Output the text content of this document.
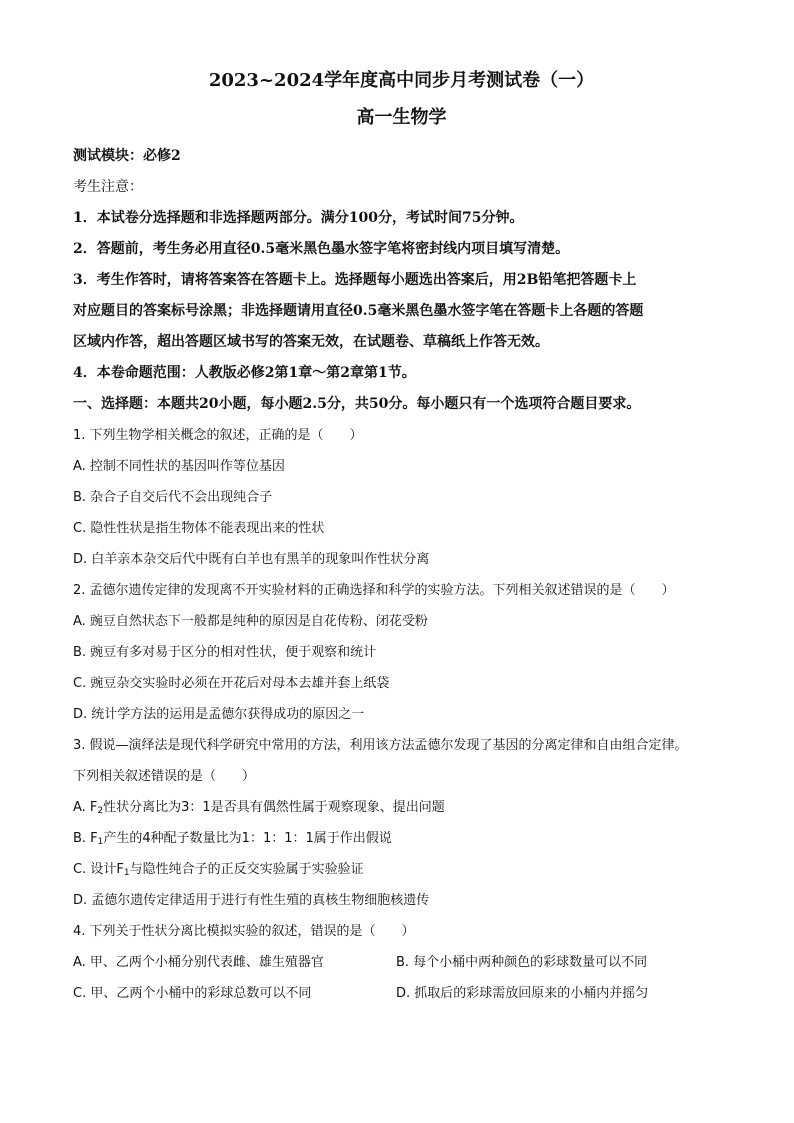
2023~2024学年度高中同步月考测试卷（一）
高一生物学
测试模块：必修2
考生注意：
1．本试卷分选择题和非选择题两部分。满分100分，考试时间75分钟。
2．答题前，考生务必用直径0.5毫米黑色墨水签字笔将密封线内项目填写清楚。
3．考生作答时，请将答案答在答题卡上。选择题每小题选出答案后，用2B铅笔把答题卡上
对应题目的答案标号涂黑；非选择题请用直径0.5毫米黑色墨水签字笔在答题卡上各题的答题
区域内作答，超出答题区域书写的答案无效，在试题卷、草稿纸上作答无效。
4．本卷命题范围：人教版必修2第1章～第2章第1节。
一、选择题：本题共20小题，每小题2.5分，共50分。每小题只有一个选项符合题目要求。
1. 下列生物学相关概念的叙述，正确的是（　　）
A. 控制不同性状的基因叫作等位基因
B. 杂合子自交后代不会出现纯合子
C. 隐性性状是指生物体不能表现出来的性状
D. 白羊亲本杂交后代中既有白羊也有黑羊的现象叫作性状分离
2. 孟德尔遗传定律的发现离不开实验材料的正确选择和科学的实验方法。下列相关叙述错误的是（　　）
A. 豌豆自然状态下一般都是纯种的原因是自花传粉、闭花受粉
B. 豌豆有多对易于区分的相对性状，便于观察和统计
C. 豌豆杂交实验时必须在开花后对母本去雄并套上纸袋
D. 统计学方法的运用是孟德尔获得成功的原因之一
3. 假说—演绎法是现代科学研究中常用的方法，利用该方法孟德尔发现了基因的分离定律和自由组合定律。
下列相关叙述错误的是（　　）
A. $F_2$性状分离比为3：1是否具有偶然性属于观察现象、提出问题
B. $F_1$产生的4种配子数量比为1：1：1：1属于作出假说
C. 设计$F_1$与隐性纯合子的正反交实验属于实验验证
D. 孟德尔遗传定律适用于进行有性生殖的真核生物细胞核遗传
4. 下列关于性状分离比模拟实验的叙述，错误的是（　　）
A. 甲、乙两个小桶分别代表雌、雄生殖器官	B. 每个小桶中两种颜色的彩球数量可以不同
C. 甲、乙两个小桶中的彩球总数可以不同	D. 抓取后的彩球需放回原来的小桶内并摇匀
